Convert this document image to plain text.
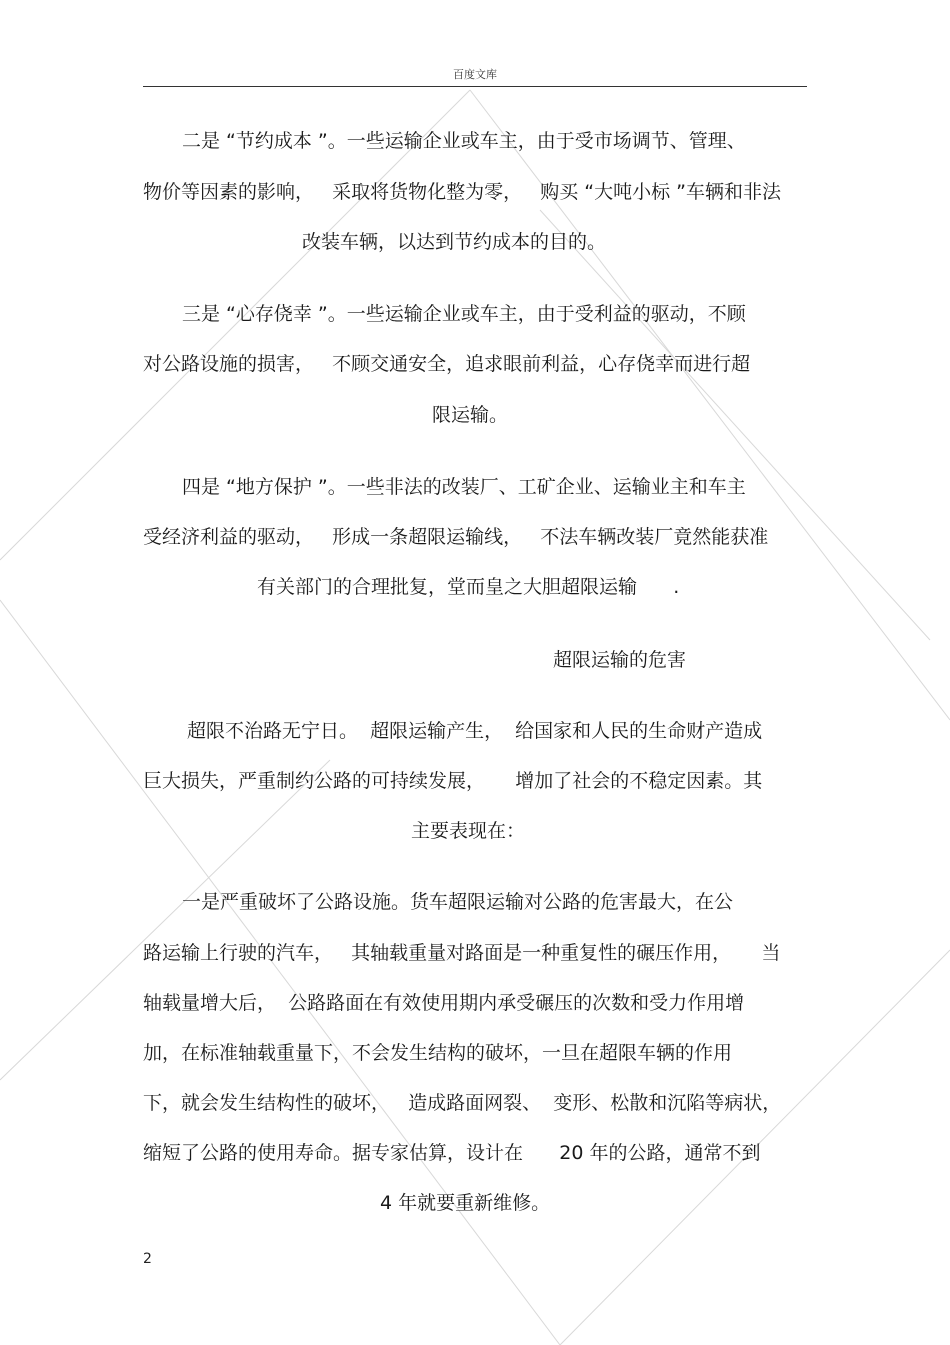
百度文库
二是 “节约成本 ”。一些运输企业或车主，由于受市场调节、管理、
物价等因素的影响，   采取将货物化整为零，   购买 “大吨小标 ”车辆和非法
改装车辆，以达到节约成本的目的。
三是 “心存侥幸 ”。一些运输企业或车主，由于受利益的驱动，不顾
对公路设施的损害，   不顾交通安全，追求眼前利益，心存侥幸而进行超
限运输。
四是 “地方保护 ”。一些非法的改装厂、工矿企业、运输业主和车主
受经济利益的驱动，   形成一条超限运输线，   不法车辆改装厂竟然能获准
有关部门的合理批复，堂而皇之大胆超限运输      .
超限运输的危害
超限不治路无宁日。  超限运输产生，  给国家和人民的生命财产造成
巨大损失，严重制约公路的可持续发展，     增加了社会的不稳定因素。其
主要表现在：
一是严重破坏了公路设施。货车超限运输对公路的危害最大，在公
路运输上行驶的汽车，   其轴载重量对路面是一种重复性的碾压作用，     当
轴载量增大后，  公路路面在有效使用期内承受碾压的次数和受力作用增
加，在标准轴载重量下，不会发生结构的破坏，一旦在超限车辆的作用
下，就会发生结构性的破坏，   造成路面网裂、  变形、松散和沉陷等病状，
缩短了公路的使用寿命。据专家估算，设计在      20 年的公路，通常不到
4 年就要重新维修。
2
